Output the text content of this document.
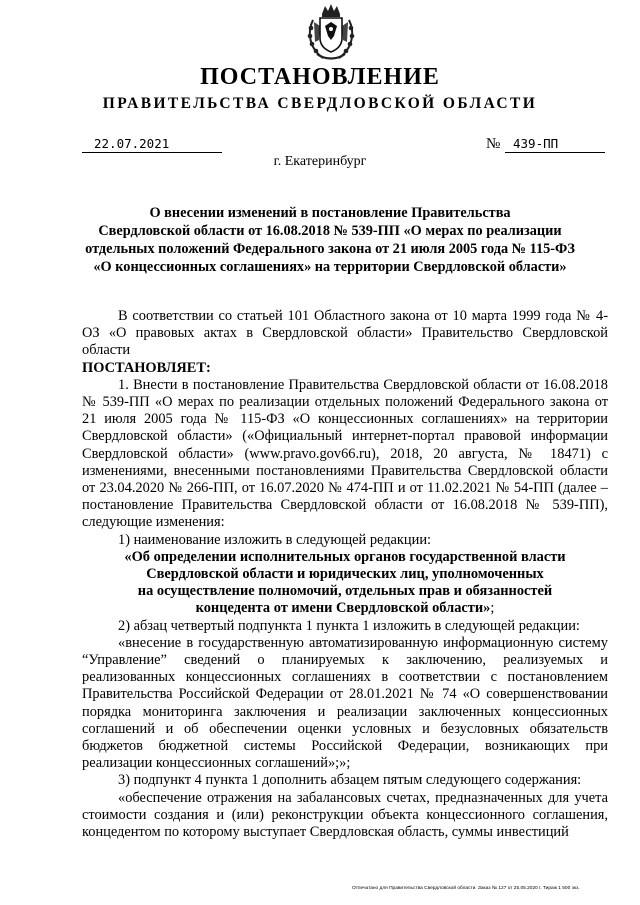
ПОСТАНОВЛЕНИЕ
ПРАВИТЕЛЬСТВА СВЕРДЛОВСКОЙ ОБЛАСТИ
22.07.2021	№	439-ПП
г. Екатеринбург
О внесении изменений в постановление Правительства
Свердловской области от 16.08.2018 № 539-ПП «О мерах по реализации
отдельных положений Федерального закона от 21 июля 2005 года № 115-ФЗ
«О концессионных соглашениях» на территории Свердловской области»

В соответствии со статьей 101 Областного закона от 10 марта 1999 года № 4-ОЗ «О правовых актах в Свердловской области» Правительство Свердловской области

ПОСТАНОВЛЯЕТ:

1. Внести в постановление Правительства Свердловской области от 16.08.2018 № 539-ПП «О мерах по реализации отдельных положений Федерального закона от 21 июля 2005 года № 115-ФЗ «О концессионных соглашениях» на территории Свердловской области» («Официальный интернет-портал правовой информации Свердловской области» (www.pravo.gov66.ru), 2018, 20 августа, № 18471) с изменениями, внесенными постановлениями Правительства Свердловской области от 23.04.2020 № 266-ПП, от 16.07.2020 № 474-ПП и от 11.02.2021 № 54-ПП (далее – постановление Правительства Свердловской области от 16.08.2018 № 539-ПП), следующие изменения:

1) наименование изложить в следующей редакции:

«Об определении исполнительных органов государственной власти

Свердловской области и юридических лиц, уполномоченных

на осуществление полномочий, отдельных прав и обязанностей

концедента от имени Свердловской области»;

2) абзац четвертый подпункта 1 пункта 1 изложить в следующей редакции:

«внесение в государственную автоматизированную информационную систему “Управление” сведений о планируемых к заключению, реализуемых и реализованных концессионных соглашениях в соответствии с постановлением Правительства Российской Федерации от 28.01.2021 № 74 «О совершенствовании порядка мониторинга заключения и реализации заключенных концессионных соглашений и об обеспечении оценки условных и безусловных обязательств бюджетов бюджетной системы Российской Федерации, возникающих при реализации концессионных соглашений»;»;

3) подпункт 4 пункта 1 дополнить абзацем пятым следующего содержания:

«обеспечение отражения на забалансовых счетах, предназначенных для учета стоимости создания и (или) реконструкции объекта концессионного соглашения, концедентом по которому выступает Свердловская область, суммы инвестиций

Отпечатано для Правительства Свердловской области. Заказ № 127 от 25.05.2020 г. Тираж 1 500 экз.
